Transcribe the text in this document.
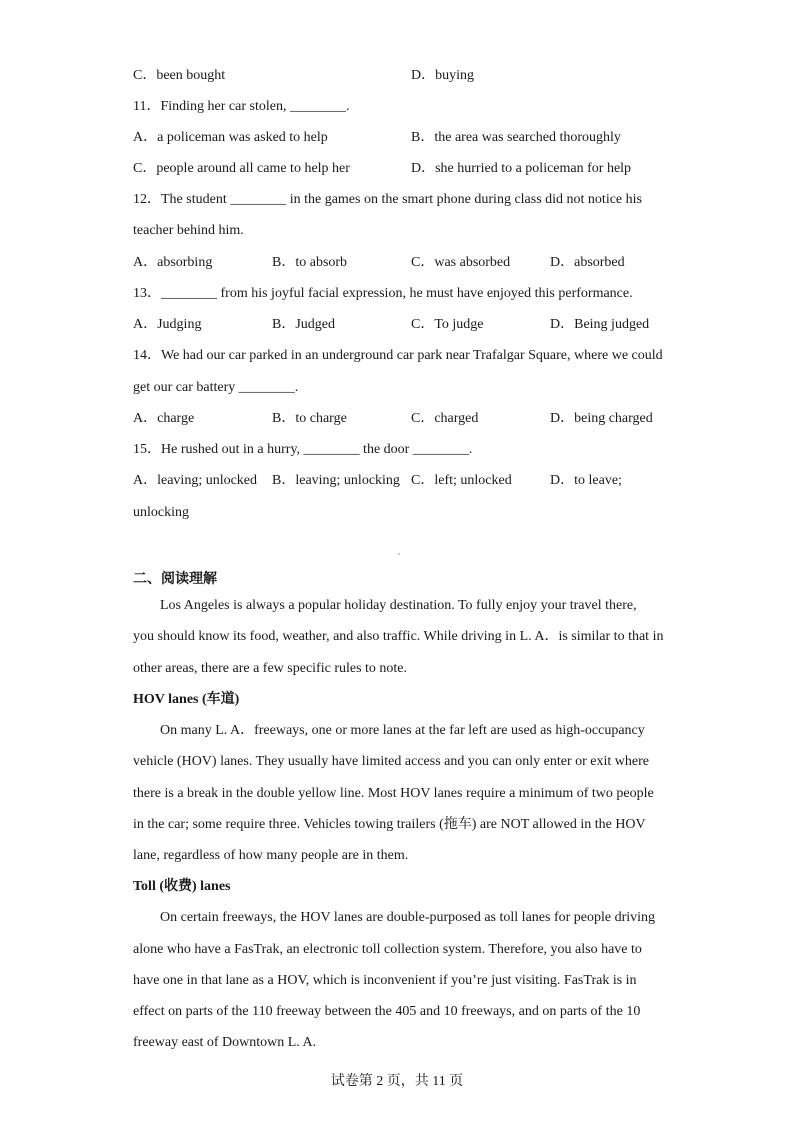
C．been bought	D．buying
11．Finding her car stolen, ________.
A．a policeman was asked to help	B．the area was searched thoroughly
C．people around all came to help her	D．she hurried to a policeman for help
12．The student ________ in the games on the smart phone during class did not notice his
teacher behind him.
A．absorbing	B．to absorb	C．was absorbed	D．absorbed
13．________ from his joyful facial expression, he must have enjoyed this performance.
A．Judging	B．Judged	C．To judge	D．Being judged
14．We had our car parked in an underground car park near Trafalgar Square, where we could
get our car battery ________.
A．charge	B．to charge	C．charged	D．being charged
15．He rushed out in a hurry, ________ the door ________.
A．leaving; unlocked B．leaving; unlocking C．left; unlocked	D．to leave;
unlocking
二、阅读理解
Los Angeles is always a popular holiday destination. To fully enjoy your travel there,
you should know its food, weather, and also traffic. While driving in L. A．is similar to that in
other areas, there are a few specific rules to note.
HOV lanes (车道)
On many L. A．freeways, one or more lanes at the far left are used as high-occupancy
vehicle (HOV) lanes. They usually have limited access and you can only enter or exit where
there is a break in the double yellow line. Most HOV lanes require a minimum of two people
in the car; some require three. Vehicles towing trailers (拖车) are NOT allowed in the HOV
lane, regardless of how many people are in them.
Toll (收费) lanes
On certain freeways, the HOV lanes are double-purposed as toll lanes for people driving
alone who have a FasTrak, an electronic toll collection system. Therefore, you also have to
have one in that lane as a HOV, which is inconvenient if you’re just visiting. FasTrak is in
effect on parts of the 110 freeway between the 405 and 10 freeways, and on parts of the 10
freeway east of Downtown L. A.
试卷第 2 页，共 11 页
